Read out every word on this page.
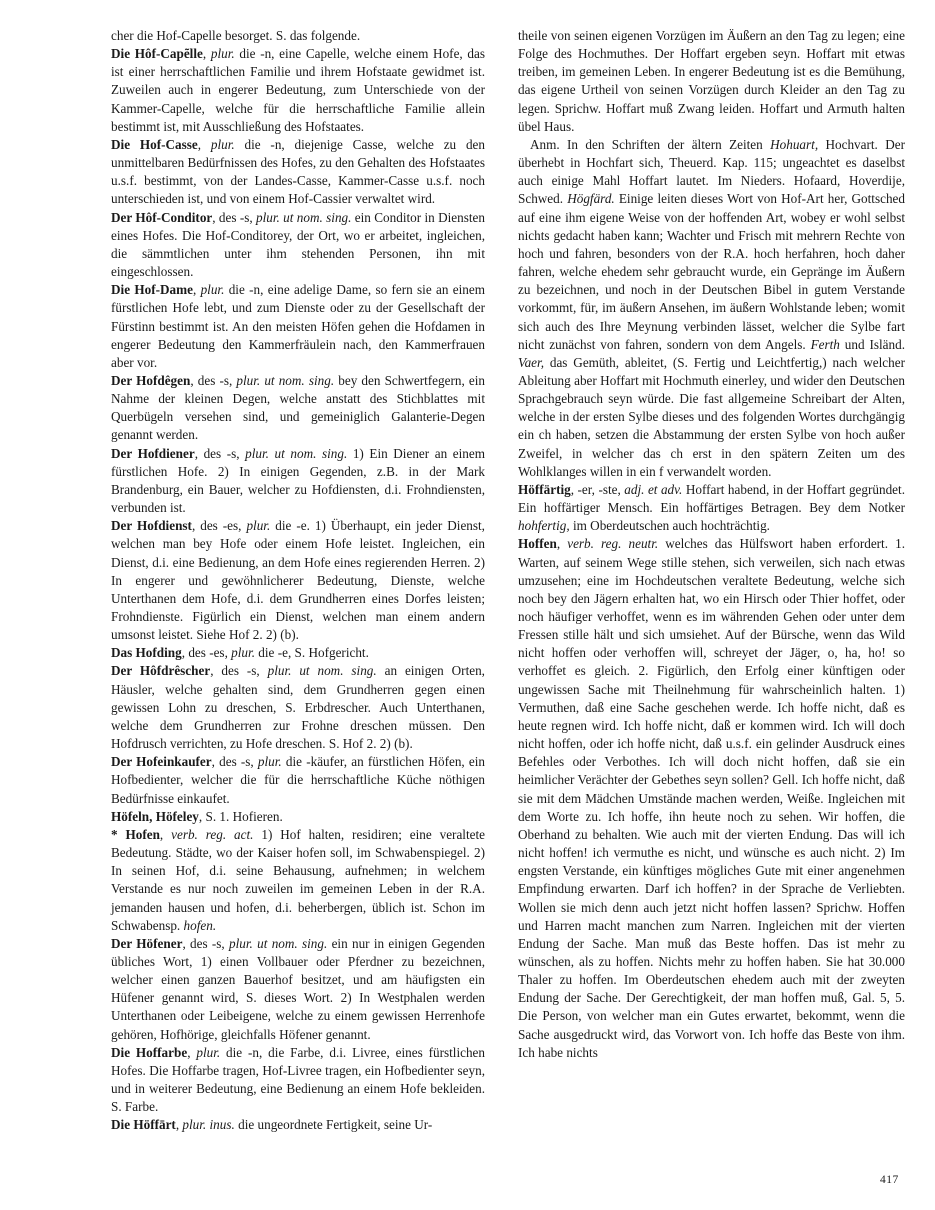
cher die Hof-Capelle besorget. S. das folgende.

Die Hôf-Capẽlle, plur. die -n, eine Capelle, welche einem Hofe, das ist einer herrschaftlichen Familie und ihrem Hofstaate gewidmet ist. Zuweilen auch in engerer Bedeutung, zum Unterschiede von der Kammer-Capelle, welche für die herrschaftliche Familie allein bestimmt ist, mit Ausschließung des Hofstaates.

Die Hof-Casse, plur. die -n, diejenige Casse, welche zu den unmittelbaren Bedürfnissen des Hofes, zu den Gehalten des Hofstaates u.s.f. bestimmt, von der Landes-Casse, Kammer-Casse u.s.f. noch unterschieden ist, und von einem Hof-Cassier verwaltet wird.

Der Hôf-Conditor, des -s, plur. ut nom. sing. ein Conditor in Diensten eines Hofes. Die Hof-Conditorey, der Ort, wo er arbeitet, ingleichen, die sämmtlichen unter ihm stehenden Personen, ihn mit eingeschlossen.

Die Hof-Dame, plur. die -n, eine adelige Dame, so fern sie an einem fürstlichen Hofe lebt, und zum Dienste oder zu der Gesellschaft der Fürstinn bestimmt ist. An den meisten Höfen gehen die Hofdamen in engerer Bedeutung den Kammerfräulein nach, den Kammerfrauen aber vor.

Der Hofdêgen, des -s, plur. ut nom. sing. bey den Schwertfegern, ein Nahme der kleinen Degen, welche anstatt des Stichblattes mit Querbügeln versehen sind, und gemeiniglich Galanterie-Degen genannt werden.

Der Hofdiener, des -s, plur. ut nom. sing. 1) Ein Diener an einem fürstlichen Hofe. 2) In einigen Gegenden, z.B. in der Mark Brandenburg, ein Bauer, welcher zu Hofdiensten, d.i. Frohndiensten, verbunden ist.

Der Hofdienst, des -es, plur. die -e. 1) Überhaupt, ein jeder Dienst, welchen man bey Hofe oder einem Hofe leistet. Ingleichen, ein Dienst, d.i. eine Bedienung, an dem Hofe eines regierenden Herren. 2) In engerer und gewöhnlicherer Bedeutung, Dienste, welche Unterthanen dem Hofe, d.i. dem Grundherren eines Dorfes leisten; Frohndienste. Figürlich ein Dienst, welchen man einem andern umsonst leistet. Siehe Hof 2. 2) (b).

Das Hofding, des -es, plur. die -e, S. Hofgericht.

Der Hôfdrêscher, des -s, plur. ut nom. sing. an einigen Orten, Häusler, welche gehalten sind, dem Grundherren gegen einen gewissen Lohn zu dreschen, S. Erbdrescher. Auch Unterthanen, welche dem Grundherren zur Frohne dreschen müssen. Den Hofdrusch verrichten, zu Hofe dreschen. S. Hof 2. 2) (b).

Der Hofeinkaufer, des -s, plur. die -käufer, an fürstlichen Höfen, ein Hofbedienter, welcher die für die herrschaftliche Küche nöthigen Bedürfnisse einkaufet.

Höfeln, Höfeley, S. 1. Hofieren.

* Hofen, verb. reg. act. 1) Hof halten, residiren; eine veraltete Bedeutung. Städte, wo der Kaiser hofen soll, im Schwabenspiegel. 2) In seinen Hof, d.i. seine Behausung, aufnehmen; in welchem Verstande es nur noch zuweilen im gemeinen Leben in der R.A. jemanden hausen und hofen, d.i. beherbergen, üblich ist. Schon im Schwabensp. hofen.

Der Höfener, des -s, plur. ut nom. sing. ein nur in einigen Gegenden übliches Wort, 1) einen Vollbauer oder Pferdner zu bezeichnen, welcher einen ganzen Bauerhof besitzet, und am häufigsten ein Hüfener genannt wird, S. dieses Wort. 2) In Westphalen werden Unterthanen oder Leibeigene, welche zu einem gewissen Herrenhofe gehören, Hofhörige, gleichfalls Höfener genannt.

Die Hoffarbe, plur. die -n, die Farbe, d.i. Livree, eines fürstlichen Hofes. Die Hoffarbe tragen, Hof-Livree tragen, ein Hofbedienter seyn, und in weiterer Bedeutung, eine Bedienung an einem Hofe bekleiden. S. Farbe.

Die Höffārt, plur. inus. die ungeordnete Fertigkeit, seine Ur-

theile von seinen eigenen Vorzügen im Äußern an den Tag zu legen; eine Folge des Hochmuthes. Der Hoffart ergeben seyn. Hoffart mit etwas treiben, im gemeinen Leben. In engerer Bedeutung ist es die Bemühung, das eigene Urtheil von seinen Vorzügen durch Kleider an den Tag zu legen. Sprichw. Hoffart muß Zwang leiden. Hoffart und Armuth halten übel Haus.

Anm. In den Schriften der ältern Zeiten Hohuart, Hochvart. Der überhebt in Hochfart sich, Theuerd. Kap. 115; ungeachtet es daselbst auch einige Mahl Hoffart lautet. Im Nieders. Hofaard, Hoverdije, Schwed. Högfärd. Einige leiten dieses Wort von Hof-Art her, Gottsched auf eine ihm eigene Weise von der hoffenden Art, wobey er wohl selbst nichts gedacht haben kann; Wachter und Frisch mit mehrern Rechte von hoch und fahren, besonders von der R.A. hoch herfahren, hoch daher fahren, welche ehedem sehr gebraucht wurde, ein Gepränge im Äußern zu bezeichnen, und noch in der Deutschen Bibel in gutem Verstande vorkommt, für, im äußern Ansehen, im äußern Wohlstande leben; womit sich auch des Ihre Meynung verbinden lässet, welcher die Sylbe fart nicht zunächst von fahren, sondern von dem Angels. Ferth und Isländ. Vaer, das Gemüth, ableitet, (S. Fertig und Leichtfertig,) nach welcher Ableitung aber Hoffart mit Hochmuth einerley, und wider den Deutschen Sprachgebrauch seyn würde. Die fast allgemeine Schreibart der Alten, welche in der ersten Sylbe dieses und des folgenden Wortes durchgängig ein ch haben, setzen die Abstammung der ersten Sylbe von hoch außer Zweifel, in welcher das ch erst in den spätern Zeiten um des Wohlklanges willen in ein f verwandelt worden.

Höffärtig, -er, -ste, adj. et adv. Hoffart habend, in der Hoffart gegründet. Ein hoffärtiger Mensch. Ein hoffärtiges Betragen. Bey dem Notker hohfertig, im Oberdeutschen auch hochträchtig.

Hoffen, verb. reg. neutr. welches das Hülfswort haben erfordert. 1. Warten, auf seinem Wege stille stehen, sich verweilen, sich nach etwas umzusehen; eine im Hochdeutschen veraltete Bedeutung, welche sich noch bey den Jägern erhalten hat, wo ein Hirsch oder Thier hoffet, oder noch häufiger verhoffet, wenn es im währenden Gehen oder unter dem Fressen stille hält und sich umsiehet. Auf der Bürsche, wenn das Wild nicht hoffen oder verhoffen will, schreyet der Jäger, o, ha, ho! so verhoffet es gleich. 2. Figürlich, den Erfolg einer künftigen oder ungewissen Sache mit Theilnehmung für wahrscheinlich halten. 1) Vermuthen, daß eine Sache geschehen werde. Ich hoffe nicht, daß es heute regnen wird. Ich hoffe nicht, daß er kommen wird. Ich will doch nicht hoffen, oder ich hoffe nicht, daß u.s.f. ein gelinder Ausdruck eines Befehles oder Verbothes. Ich will doch nicht hoffen, daß sie ein heimlicher Verächter der Gebethes seyn sollen? Gell. Ich hoffe nicht, daß sie mit dem Mädchen Umstände machen werden, Weiße. Ingleichen mit dem Worte zu. Ich hoffe, ihn heute noch zu sehen. Wir hoffen, die Oberhand zu behalten. Wie auch mit der vierten Endung. Das will ich nicht hoffen! ich vermuthe es nicht, und wünsche es auch nicht. 2) Im engsten Verstande, ein künftiges mögliches Gute mit einer angenehmen Empfindung erwarten. Darf ich hoffen? in der Sprache de Verliebten. Wollen sie mich denn auch jetzt nicht hoffen lassen? Sprichw. Hoffen und Harren macht manchen zum Narren. Ingleichen mit der vierten Endung der Sache. Man muß das Beste hoffen. Das ist mehr zu wünschen, als zu hoffen. Nichts mehr zu hoffen haben. Sie hat 30.000 Thaler zu hoffen. Im Oberdeutschen ehedem auch mit der zweyten Endung der Sache. Der Gerechtigkeit, der man hoffen muß, Gal. 5, 5. Die Person, von welcher man ein Gutes erwartet, bekommt, wenn die Sache ausgedruckt wird, das Vorwort von. Ich hoffe das Beste von ihm. Ich habe nichts

417
